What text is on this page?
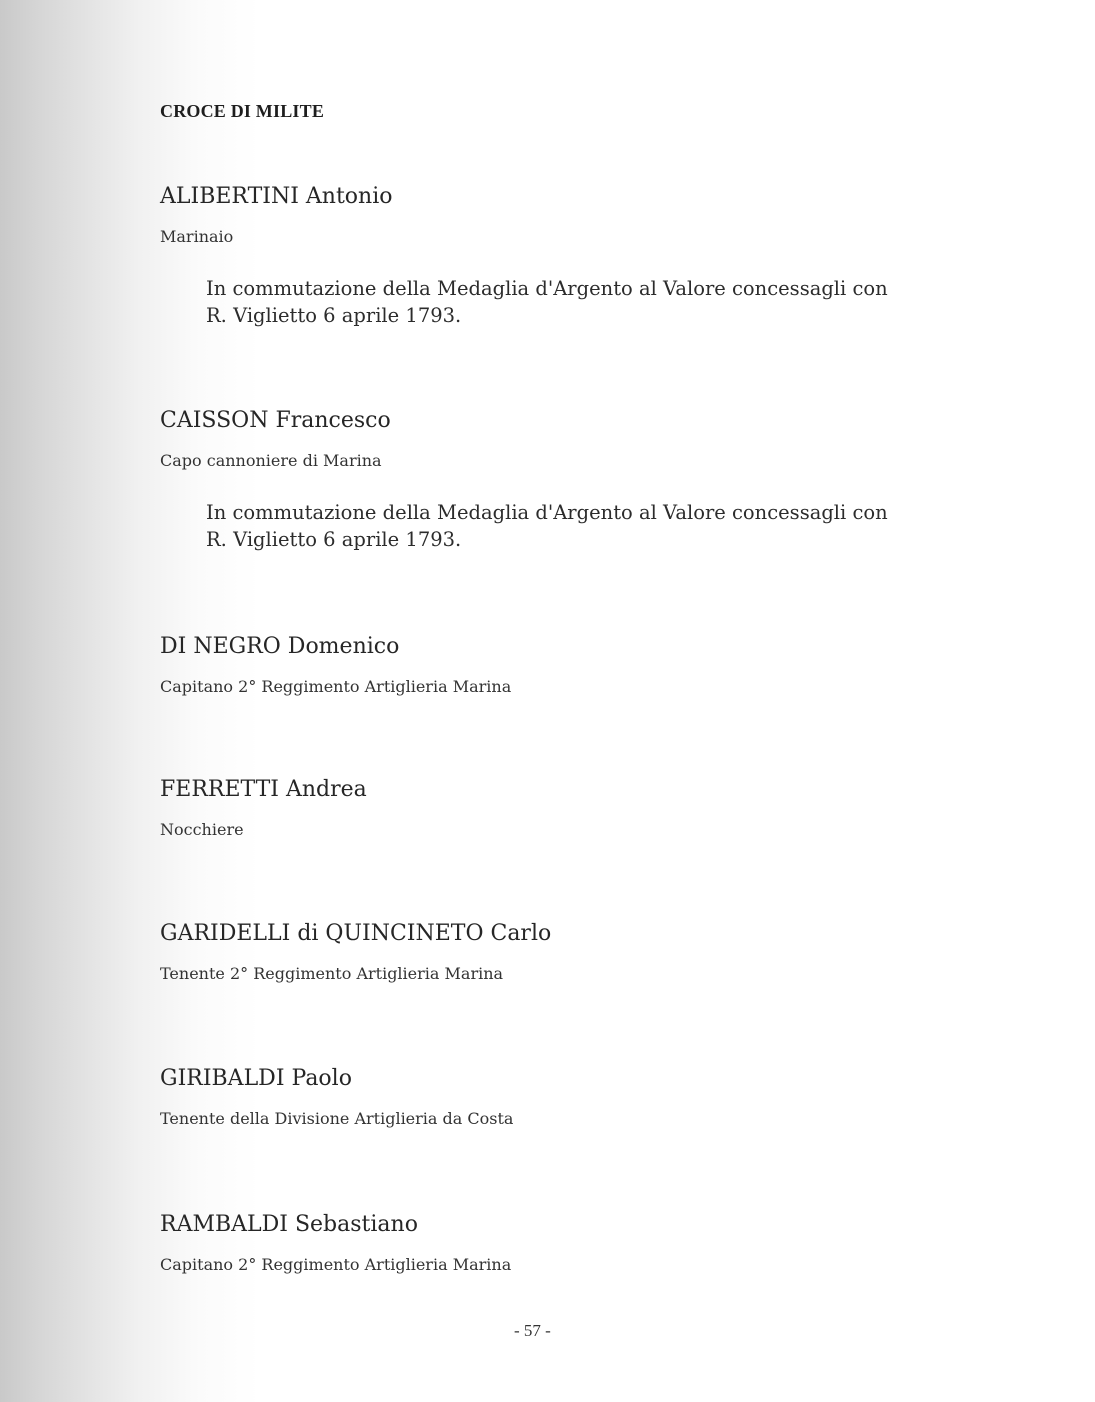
CROCE DI MILITE
ALIBERTINI Antonio
Marinaio
In commutazione della Medaglia d'Argento al Valore concessagli con
R. Viglietto 6 aprile 1793.
CAISSON Francesco
Capo cannoniere di Marina
In commutazione della Medaglia d'Argento al Valore concessagli con
R. Viglietto 6 aprile 1793.
DI NEGRO Domenico
Capitano 2° Reggimento Artiglieria Marina
FERRETTI Andrea
Nocchiere
GARIDELLI di QUINCINETO Carlo
Tenente 2° Reggimento Artiglieria Marina
GIRIBALDI Paolo
Tenente della Divisione Artiglieria da Costa
RAMBALDI Sebastiano
Capitano 2° Reggimento Artiglieria Marina
- 57 -
